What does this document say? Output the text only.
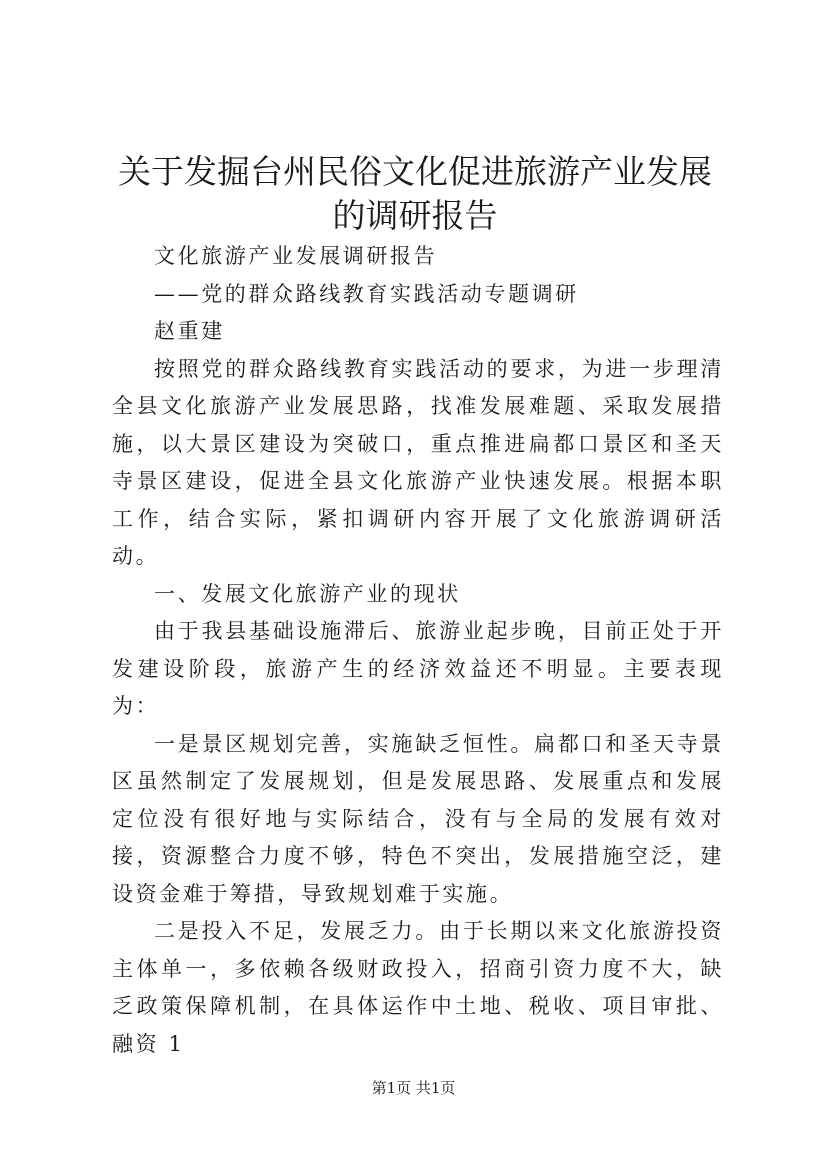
关于发掘台州民俗文化促进旅游产业发展的调研报告

文化旅游产业发展调研报告

——党的群众路线教育实践活动专题调研

赵重建

按照党的群众路线教育实践活动的要求，为进一步理清全县文化旅游产业发展思路，找准发展难题、采取发展措施，以大景区建设为突破口，重点推进扁都口景区和圣天寺景区建设，促进全县文化旅游产业快速发展。根据本职工作，结合实际，紧扣调研内容开展了文化旅游调研活动。

一、发展文化旅游产业的现状

由于我县基础设施滞后、旅游业起步晚，目前正处于开发建设阶段，旅游产生的经济效益还不明显。主要表现为：

一是景区规划完善，实施缺乏恒性。扁都口和圣天寺景区虽然制定了发展规划，但是发展思路、发展重点和发展定位没有很好地与实际结合，没有与全局的发展有效对接，资源整合力度不够，特色不突出，发展措施空泛，建设资金难于筹措，导致规划难于实施。

二是投入不足，发展乏力。由于长期以来文化旅游投资主体单一，多依赖各级财政投入，招商引资力度不大，缺乏政策保障机制，在具体运作中土地、税收、项目审批、融资 1

第1页 共1页
